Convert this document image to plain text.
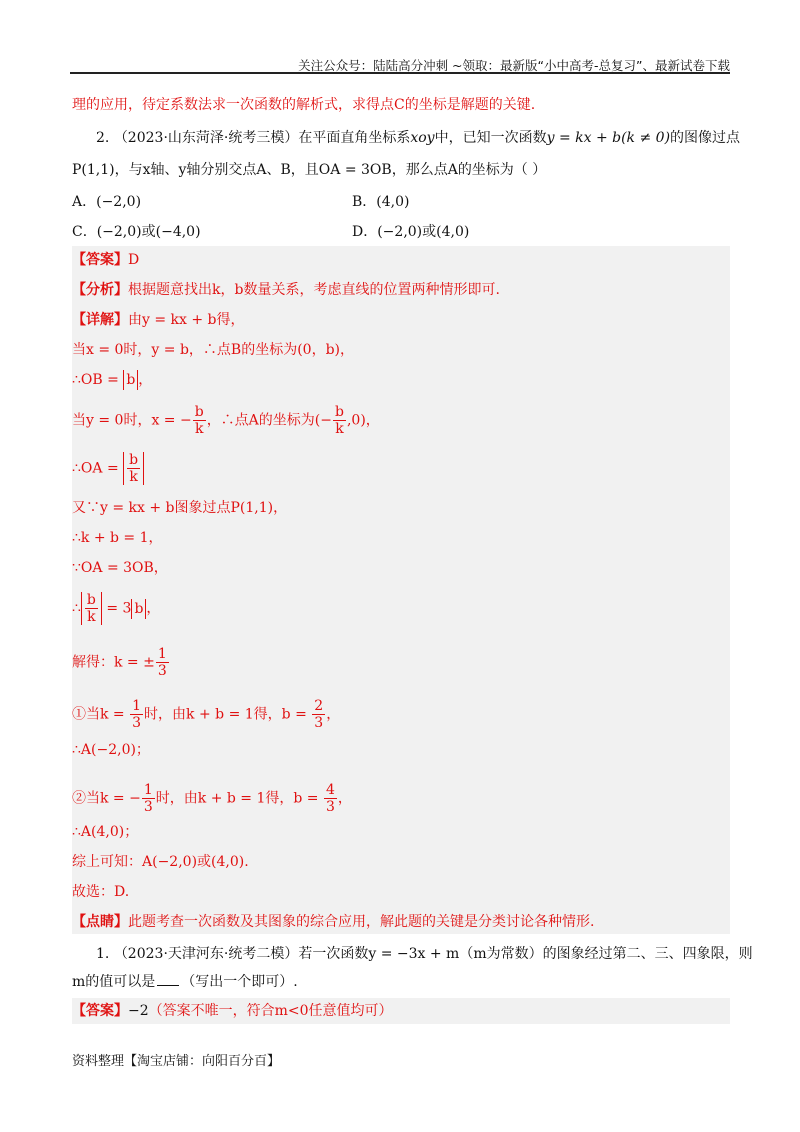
关注公众号：陆陆高分冲刺 ~领取：最新版“小中高考-总复习”、最新试卷下载
理的应用，待定系数法求一次函数的解析式，求得点C的坐标是解题的关键.
2. （2023·山东菏泽·统考三模）在平面直角坐标系xoy中，已知一次函数y = kx + b(k ≠ 0)的图像过点
P(1,1)，与x轴、y轴分别交点A、B，且OA = 3OB，那么点A的坐标为（ ）
A．(−2,0)	B．(4,0)
C．(−2,0)或(−4,0)	D．(−2,0)或(4,0)
【答案】D
【分析】根据题意找出k，b数量关系，考虑直线的位置两种情形即可.
【详解】由y = kx + b得，
当x = 0时，y = b，∴点B的坐标为(0，b)，
∴OB = b ，
当y = 0时，x = − $\frac{b}{k}$ ，∴点A的坐标为(− $\frac{b}{k} ,0$)，
∴OA = $\frac{b}{k}$
又∵y = kx + b图象过点P(1,1)，
∴k + b = 1，
∵OA = 3OB，
∴ $\frac{b}{k} = 3$ b ，
解得：k = ± $\frac{1}{3}$
①当$k = \frac{1}{3}$ 时，由k + b = 1得，$b = \frac{2}{3}$ ，
∴A(−2,0)；
②当k = − $\frac{1}{3}$ 时，由k + b = 1得，$b = \frac{4}{3}$ ，
∴A(4,0)；
综上可知：A(−2,0)或(4,0).
故选：D.
【点睛】此题考查一次函数及其图象的综合应用，解此题的关键是分类讨论各种情形.
1. （2023·天津河东·统考二模）若一次函数y = −3x + m（m为常数）的图象经过第二、三、四象限，则
m的值可以是 （写出一个即可）.
【答案】−2（答案不唯一，符合m<0任意值均可）
资料整理【淘宝店铺：向阳百分百】
